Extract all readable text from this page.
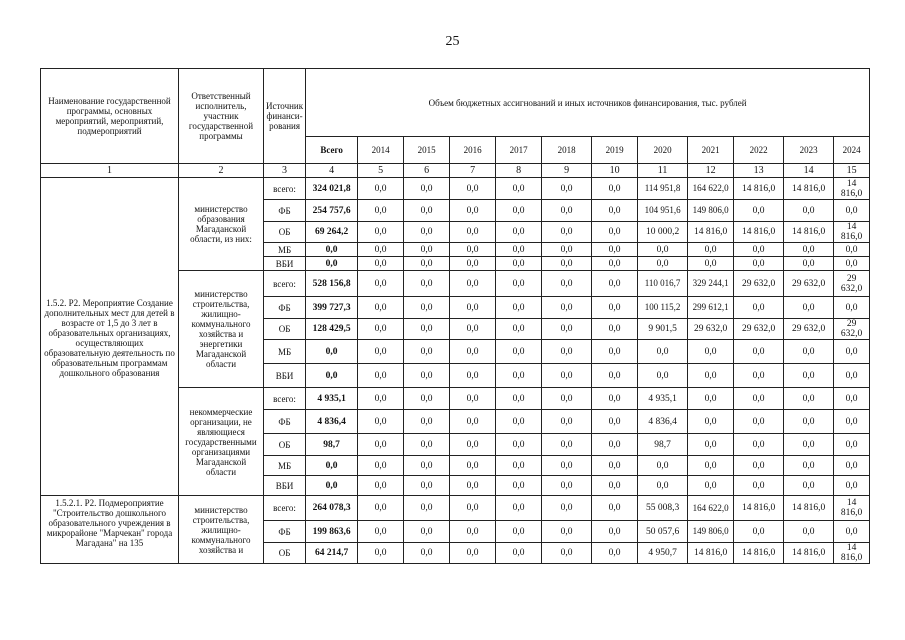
25
Наименование государственной программы, основных мероприятий, мероприятий, подмероприятий	Ответственный исполнитель, участник государственной программы	Источник финанси-рования	Объем бюджетных ассигнований и иных источников финансирования, тыс. рублей											
			Всего	2014	2015	2016	2017	2018	2019	2020	2021	2022	2023	2024
1	2	3	4	5	6	7	8	9	10	11	12	13	14	15
1.5.2. Р2. Мероприятие Создание дополнительных мест для детей в возрасте от 1,5 до 3 лет в образовательных организациях, осуществляющих образовательную деятельность по образовательным программам дошкольного образования	министерство образования Магаданской области, из них:	всего:	324 021,8	0,0	0,0	0,0	0,0	0,0	0,0	114 951,8	164 622,0	14 816,0	14 816,0	14 816,0
		ФБ	254 757,6	0,0	0,0	0,0	0,0	0,0	0,0	104 951,6	149 806,0	0,0	0,0	0,0
		ОБ	69 264,2	0,0	0,0	0,0	0,0	0,0	0,0	10 000,2	14 816,0	14 816,0	14 816,0	14 816,0
		МБ	0,0	0,0	0,0	0,0	0,0	0,0	0,0	0,0	0,0	0,0	0,0	0,0
		ВБИ	0,0	0,0	0,0	0,0	0,0	0,0	0,0	0,0	0,0	0,0	0,0	0,0
	министерство строительства, жилищно-коммунального хозяйства и энергетики Магаданской области	всего:	528 156,8	0,0	0,0	0,0	0,0	0,0	0,0	110 016,7	329 244,1	29 632,0	29 632,0	29 632,0
		ФБ	399 727,3	0,0	0,0	0,0	0,0	0,0	0,0	100 115,2	299 612,1	0,0	0,0	0,0
		ОБ	128 429,5	0,0	0,0	0,0	0,0	0,0	0,0	9 901,5	29 632,0	29 632,0	29 632,0	29 632,0
		МБ	0,0	0,0	0,0	0,0	0,0	0,0	0,0	0,0	0,0	0,0	0,0	0,0
		ВБИ	0,0	0,0	0,0	0,0	0,0	0,0	0,0	0,0	0,0	0,0	0,0	0,0
	некоммерческие организации, не являющиеся государственными организациями Магаданской области	всего:	4 935,1	0,0	0,0	0,0	0,0	0,0	0,0	4 935,1	0,0	0,0	0,0	0,0
		ФБ	4 836,4	0,0	0,0	0,0	0,0	0,0	0,0	4 836,4	0,0	0,0	0,0	0,0
		ОБ	98,7	0,0	0,0	0,0	0,0	0,0	0,0	98,7	0,0	0,0	0,0	0,0
		МБ	0,0	0,0	0,0	0,0	0,0	0,0	0,0	0,0	0,0	0,0	0,0	0,0
		ВБИ	0,0	0,0	0,0	0,0	0,0	0,0	0,0	0,0	0,0	0,0	0,0	0,0
1.5.2.1. Р2. Подмероприятие "Строительство дошкольного образовательного учреждения в микрорайоне "Марчекан" города Магадана" на 135	министерство строительства, жилищно-коммунального хозяйства и	всего:	264 078,3	0,0	0,0	0,0	0,0	0,0	0,0	55 008,3	164 622,0	14 816,0	14 816,0	14 816,0
		ФБ	199 863,6	0,0	0,0	0,0	0,0	0,0	0,0	50 057,6	149 806,0	0,0	0,0	0,0
		ОБ	64 214,7	0,0	0,0	0,0	0,0	0,0	0,0	4 950,7	14 816,0	14 816,0	14 816,0	14 816,0
